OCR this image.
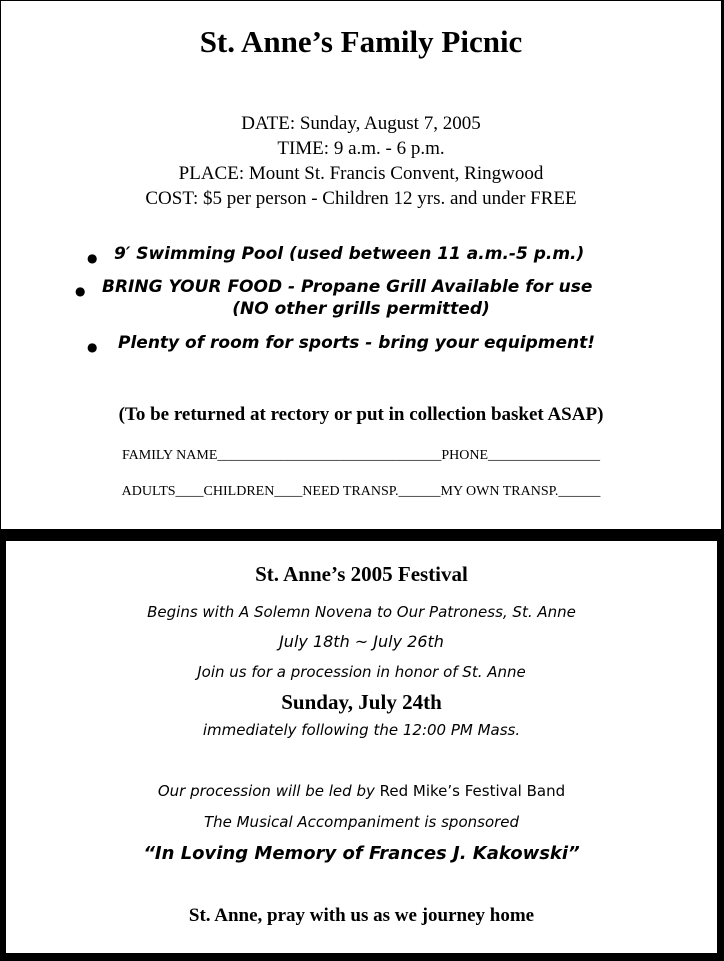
St. Anne’s Family Picnic
DATE: Sunday, August 7, 2005
TIME: 9 a.m. - 6 p.m.
PLACE: Mount St. Francis Convent, Ringwood
COST: $5 per person - Children 12 yrs. and under FREE
● 9′ Swimming Pool (used between 11 a.m.-5 p.m.)
● BRING YOUR FOOD - Propane Grill Available for use
(NO other grills permitted)
● Plenty of room for sports - bring your equipment!
(To be returned at rectory or put in collection basket ASAP)
FAMILY NAME________________________________PHONE________________
ADULTS____CHILDREN____NEED TRANSP.______MY OWN TRANSP.______
St. Anne’s 2005 Festival
Begins with A Solemn Novena to Our Patroness, St. Anne
July 18th ~ July 26th
Join us for a procession in honor of St. Anne
Sunday, July 24th
immediately following the 12:00 PM Mass.
Our procession will be led by Red Mike’s Festival Band
The Musical Accompaniment is sponsored
“In Loving Memory of Frances J. Kakowski”
St. Anne, pray with us as we journey home
